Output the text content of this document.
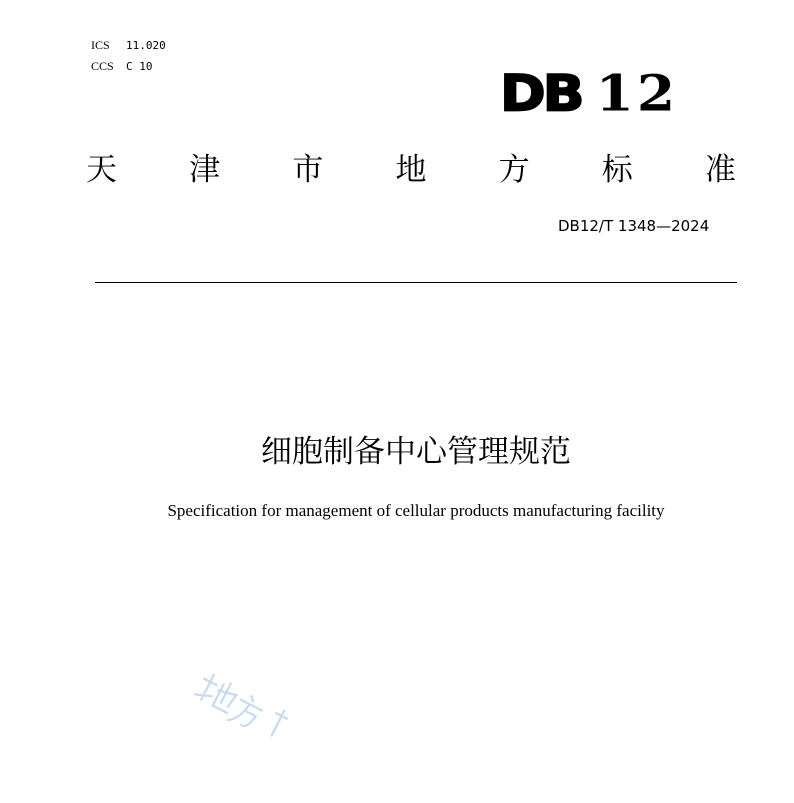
ICS 11.020
CCS C 10	DB 12
天 津 市 地 方 标 准
DB12/T 1348—2024
细胞制备中心管理规范
Specification for management of cellular products manufacturing facility
